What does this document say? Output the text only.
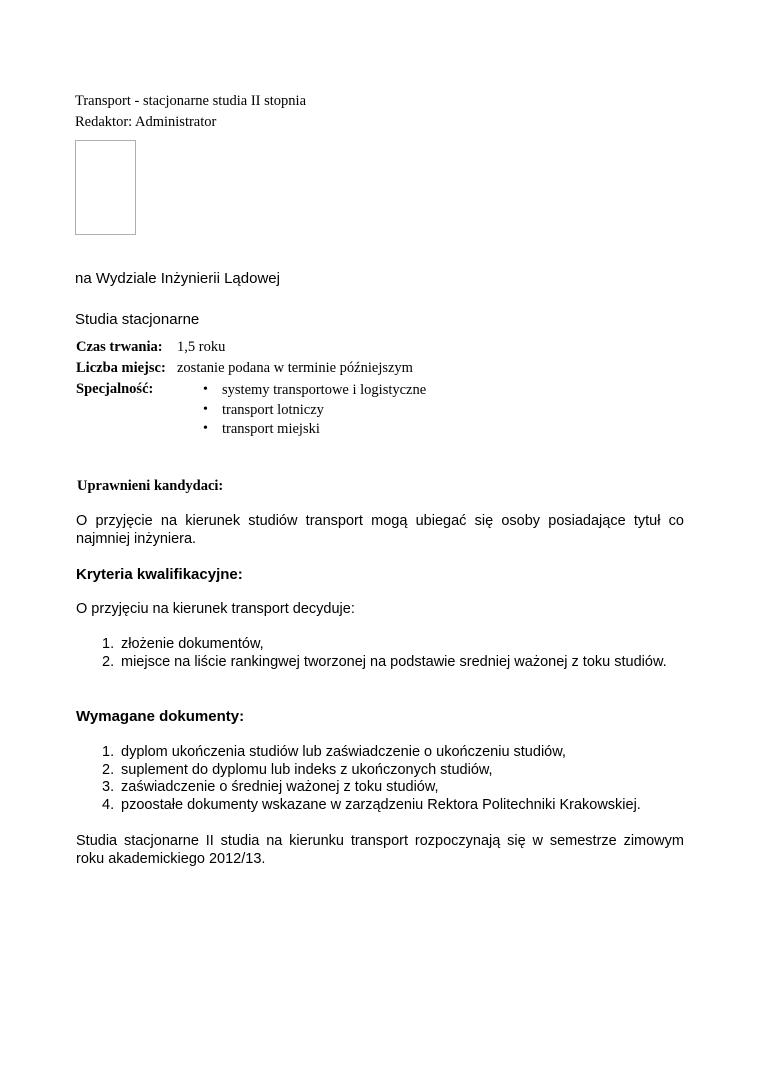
Transport - stacjonarne studia II stopnia
Redaktor: Administrator
na Wydziale Inżynierii Lądowej
Studia stacjonarne
Czas trwania: 1,5 roku
Liczba miejsc: zostanie podana w terminie późniejszym
Specjalność:	• systemy transportowe i logistyczne
• transport lotniczy
• transport miejski
Uprawnieni kandydaci:
O przyjęcie na kierunek studiów transport mogą ubiegać się osoby posiadające tytuł co najmniej inżyniera.
Kryteria kwalifikacyjne:
O przyjęciu na kierunek transport decyduje:
1. złożenie dokumentów,
2. miejsce na liście rankingwej tworzonej na podstawie sredniej ważonej z toku studiów.
Wymagane dokumenty:
1. dyplom ukończenia studiów lub zaświadczenie o ukończeniu studiów,
2. suplement do dyplomu lub indeks z ukończonych studiów,
3. zaświadczenie o średniej ważonej z toku studiów,
4. pzoostałe dokumenty wskazane w zarządzeniu Rektora Politechniki Krakowskiej.
Studia stacjonarne II studia na kierunku transport rozpoczynają się w semestrze zimowym roku akademickiego 2012/13.
